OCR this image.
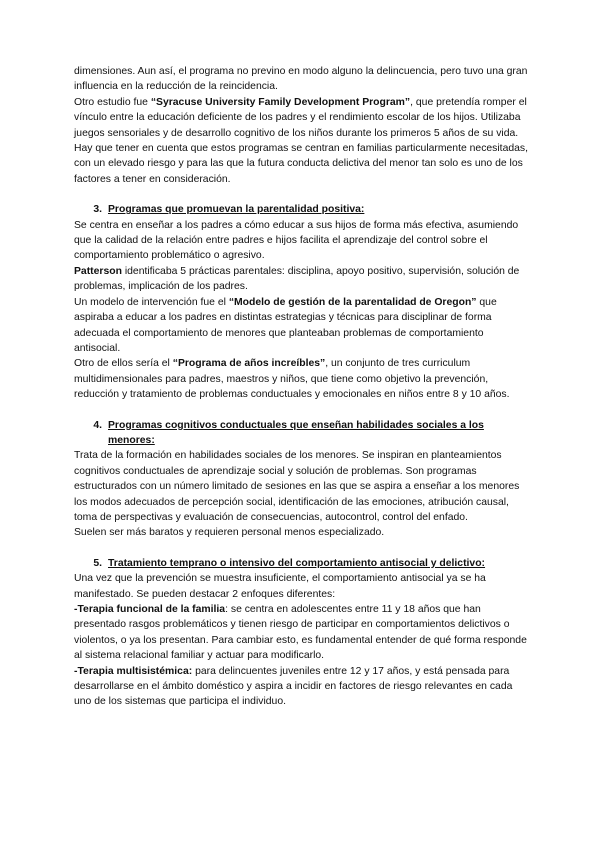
dimensiones. Aun así, el programa no previno en modo alguno la delincuencia, pero tuvo una gran influencia en la reducción de la reincidencia.

Otro estudio fue “Syracuse University Family Development Program”, que pretendía romper el vínculo entre la educación deficiente de los padres y el rendimiento escolar de los hijos. Utilizaba juegos sensoriales y de desarrollo cognitivo de los niños durante los primeros 5 años de su vida.

Hay que tener en cuenta que estos programas se centran en familias particularmente necesitadas, con un elevado riesgo y para las que la futura conducta delictiva del menor tan solo es uno de los factores a tener en consideración.

3. Programas que promuevan la parentalidad positiva:

Se centra en enseñar a los padres a cómo educar a sus hijos de forma más efectiva, asumiendo que la calidad de la relación entre padres e hijos facilita el aprendizaje del control sobre el comportamiento problemático o agresivo.

Patterson identificaba 5 prácticas parentales: disciplina, apoyo positivo, supervisión, solución de problemas, implicación de los padres.

Un modelo de intervención fue el “Modelo de gestión de la parentalidad de Oregon” que aspiraba a educar a los padres en distintas estrategias y técnicas para disciplinar de forma adecuada el comportamiento de menores que planteaban problemas de comportamiento antisocial.

Otro de ellos sería el “Programa de años increíbles”, un conjunto de tres curriculum multidimensionales para padres, maestros y niños, que tiene como objetivo la prevención, reducción y tratamiento de problemas conductuales y emocionales en niños entre 8 y 10 años.

4. Programas cognitivos conductuales que enseñan habilidades sociales a los menores:

Trata de la formación en habilidades sociales de los menores. Se inspiran en planteamientos cognitivos conductuales de aprendizaje social y solución de problemas. Son programas estructurados con un número limitado de sesiones en las que se aspira a enseñar a los menores los modos adecuados de percepción social, identificación de las emociones, atribución causal, toma de perspectivas y evaluación de consecuencias, autocontrol, control del enfado.

Suelen ser más baratos y requieren personal menos especializado.

5. Tratamiento temprano o intensivo del comportamiento antisocial y delictivo:

Una vez que la prevención se muestra insuficiente, el comportamiento antisocial ya se ha manifestado. Se pueden destacar 2 enfoques diferentes:

-Terapia funcional de la familia: se centra en adolescentes entre 11 y 18 años que han presentado rasgos problemáticos y tienen riesgo de participar en comportamientos delictivos o violentos, o ya los presentan. Para cambiar esto, es fundamental entender de qué forma responde al sistema relacional familiar y actuar para modificarlo.

-Terapia multisistémica: para delincuentes juveniles entre 12 y 17 años, y está pensada para desarrollarse en el ámbito doméstico y aspira a incidir en factores de riesgo relevantes en cada uno de los sistemas que participa el individuo.
